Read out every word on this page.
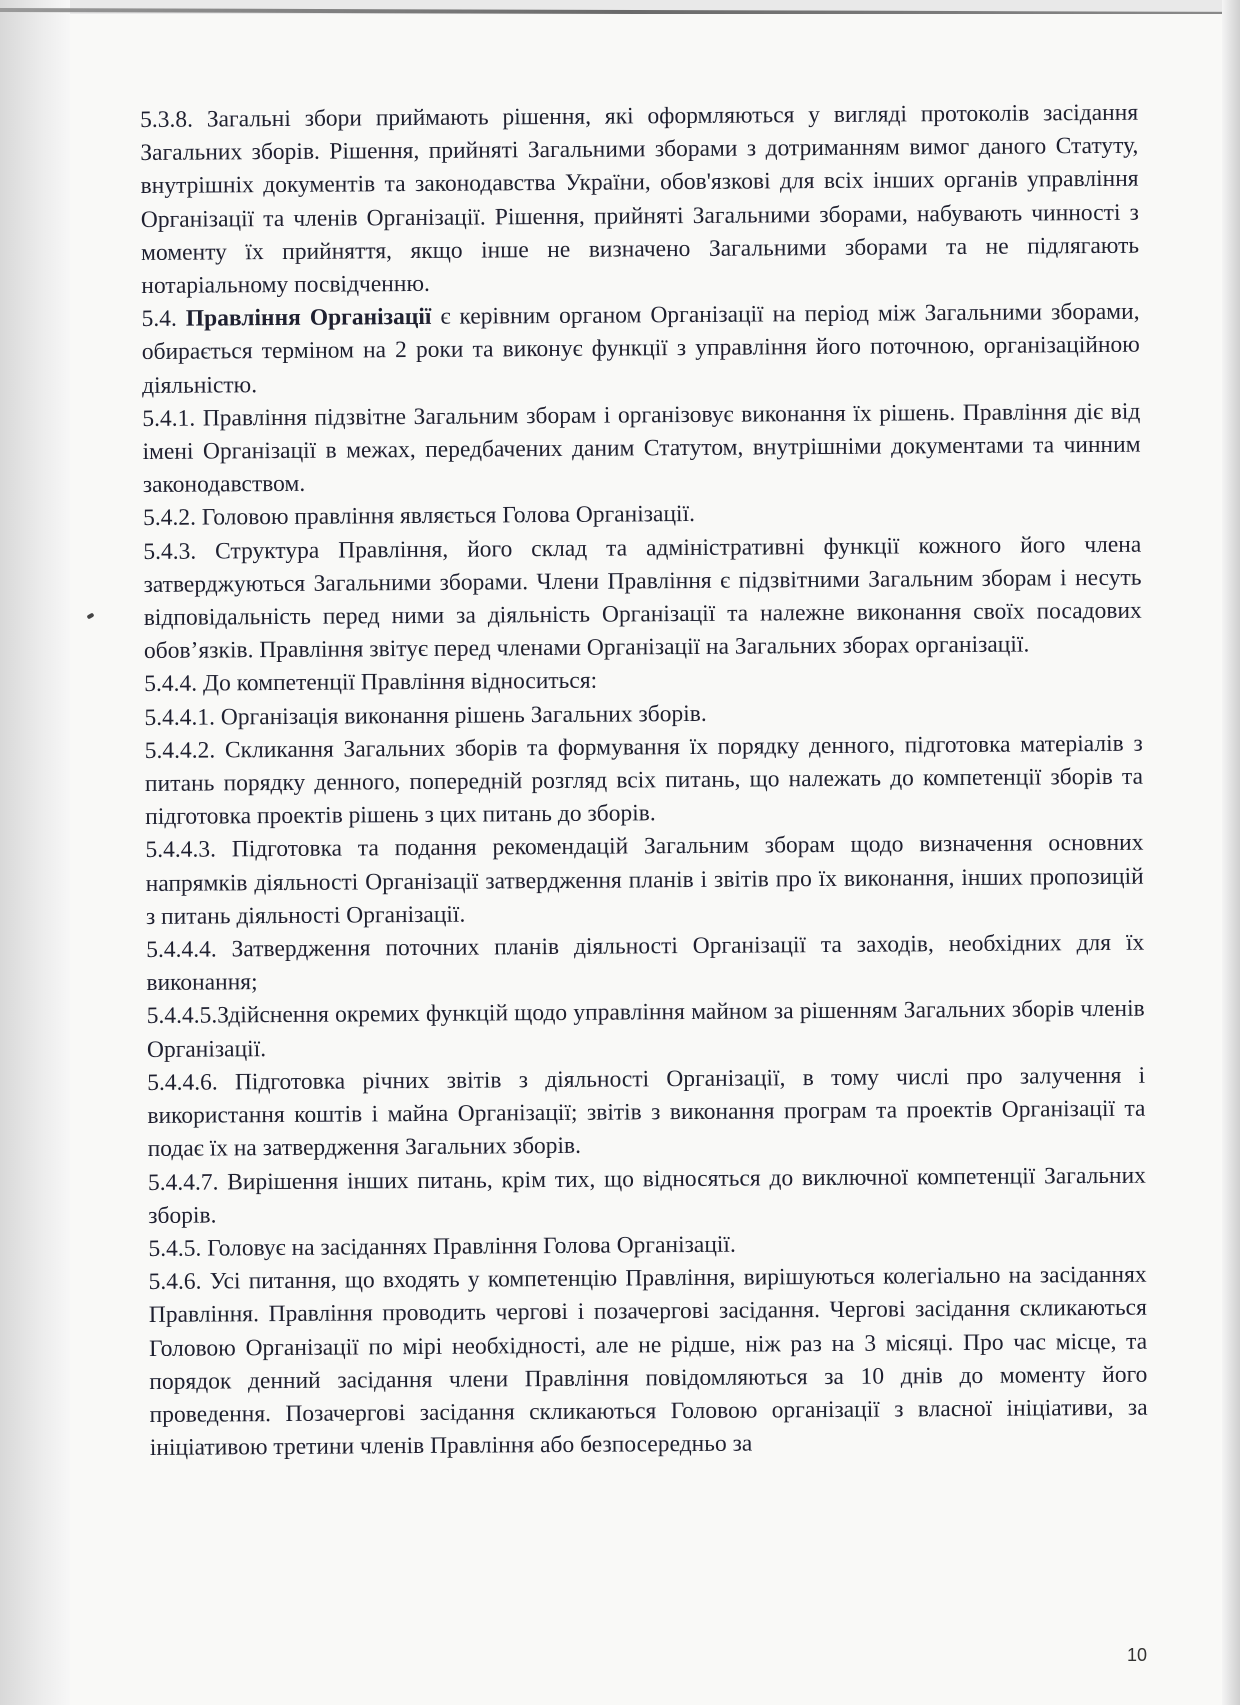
5.3.8. Загальні збори приймають рішення, які оформляються у вигляді протоколів засідання Загальних зборів. Рішення, прийняті Загальними зборами з дотриманням вимог даного Статуту, внутрішніх документів та законодавства України, обов'язкові для всіх інших органів управління Організації та членів Організації. Рішення, прийняті Загальними зборами, набувають чинності з моменту їх прийняття, якщо інше не визначено Загальними зборами та не підлягають нотаріальному посвідченню.

5.4. Правління Організації є керівним органом Організації на період між Загальними зборами, обирається терміном на 2 роки та виконує функції з управління його поточною, організаційною діяльністю.

5.4.1. Правління підзвітне Загальним зборам і організовує виконання їх рішень. Правління діє від імені Організації в межах, передбачених даним Статутом, внутрішніми документами та чинним законодавством.

5.4.2. Головою правління являється Голова Організації.

5.4.3. Структура Правління, його склад та адміністративні функції кожного його члена затверджуються Загальними зборами. Члени Правління є підзвітними Загальним зборам і несуть відповідальність перед ними за діяльність Організації та належне виконання своїх посадових обов’язків. Правління звітує перед членами Організації на Загальних зборах організації.

5.4.4. До компетенції Правління відноситься:

5.4.4.1. Організація виконання рішень Загальних зборів.

5.4.4.2. Скликання Загальних зборів та формування їх порядку денного, підготовка матеріалів з питань порядку денного, попередній розгляд всіх питань, що належать до компетенції зборів та підготовка проектів рішень з цих питань до зборів.

5.4.4.3. Підготовка та подання рекомендацій Загальним зборам щодо визначення основних напрямків діяльності Організації затвердження планів і звітів про їх виконання, інших пропозицій з питань діяльності Організації.

5.4.4.4. Затвердження поточних планів діяльності Організації та заходів, необхідних для їх виконання;

5.4.4.5.Здійснення окремих функцій щодо управління майном за рішенням Загальних зборів членів Організації.

5.4.4.6. Підготовка річних звітів з діяльності Організації, в тому числі про залучення і використання коштів і майна Організації; звітів з виконання програм та проектів Організації та подає їх на затвердження Загальних зборів.

5.4.4.7. Вирішення інших питань, крім тих, що відносяться до виключної компетенції Загальних зборів.

5.4.5. Головує на засіданнях Правління Голова Організації.

5.4.6. Усі питання, що входять у компетенцію Правління, вирішуються колегіально на засіданнях Правління. Правління проводить чергові і позачергові засідання. Чергові засідання скликаються Головою Організації по мірі необхідності, але не рідше, ніж раз на 3 місяці. Про час місце, та порядок денний засідання члени Правління повідомляються за 10 днів до моменту його проведення. Позачергові засідання скликаються Головою організації з власної ініціативи, за ініціативою третини членів Правління або безпосередньо за

10
